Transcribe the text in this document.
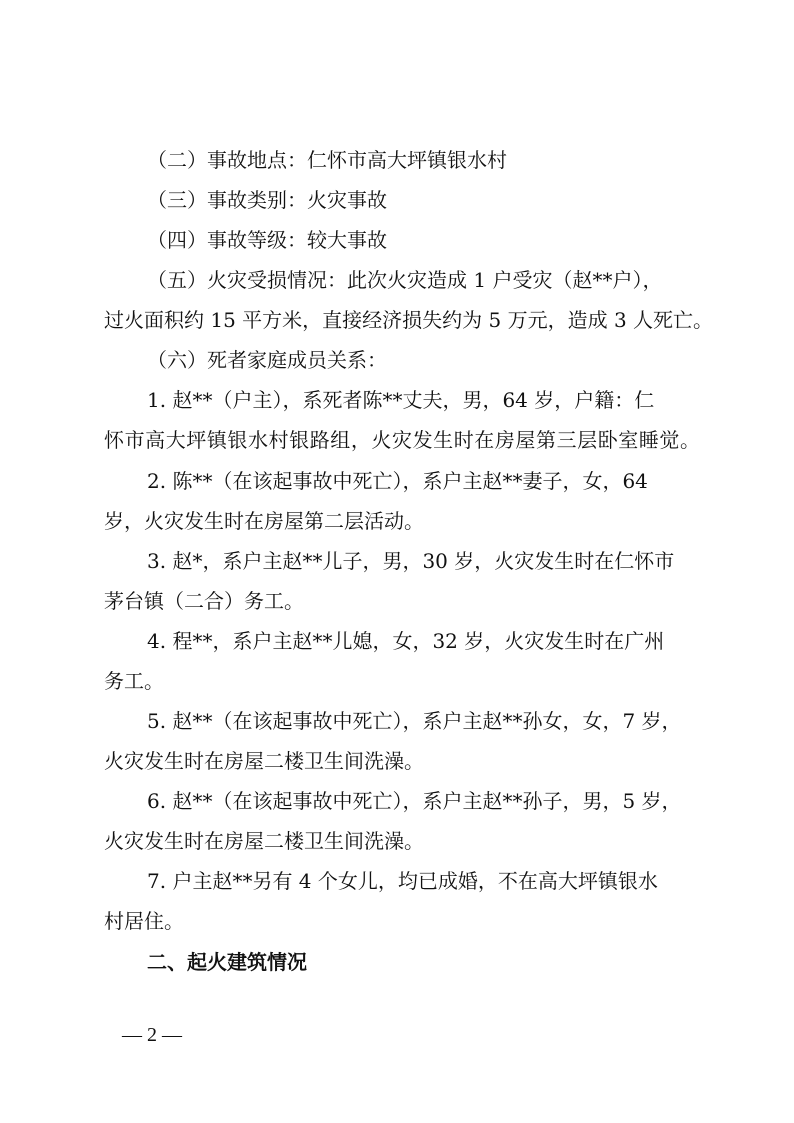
（二）事故地点：仁怀市高大坪镇银水村
（三）事故类别：火灾事故
（四）事故等级：较大事故
（五）火灾受损情况：此次火灾造成 1 户受灾（赵**户），
过火面积约 15 平方米，直接经济损失约为 5 万元，造成 3 人死亡。
（六）死者家庭成员关系：
1. 赵**（户主），系死者陈**丈夫，男，64 岁，户籍：仁
怀市高大坪镇银水村银路组，火灾发生时在房屋第三层卧室睡觉。
2. 陈**（在该起事故中死亡），系户主赵**妻子，女，64
岁，火灾发生时在房屋第二层活动。
3. 赵*，系户主赵**儿子，男，30 岁，火灾发生时在仁怀市
茅台镇（二合）务工。
4. 程**，系户主赵**儿媳，女，32 岁，火灾发生时在广州
务工。
5. 赵**（在该起事故中死亡），系户主赵**孙女，女，7 岁，
火灾发生时在房屋二楼卫生间洗澡。
6. 赵**（在该起事故中死亡），系户主赵**孙子，男，5 岁，
火灾发生时在房屋二楼卫生间洗澡。
7. 户主赵**另有 4 个女儿，均已成婚，不在高大坪镇银水
村居住。
二、起火建筑情况
— 2 —
